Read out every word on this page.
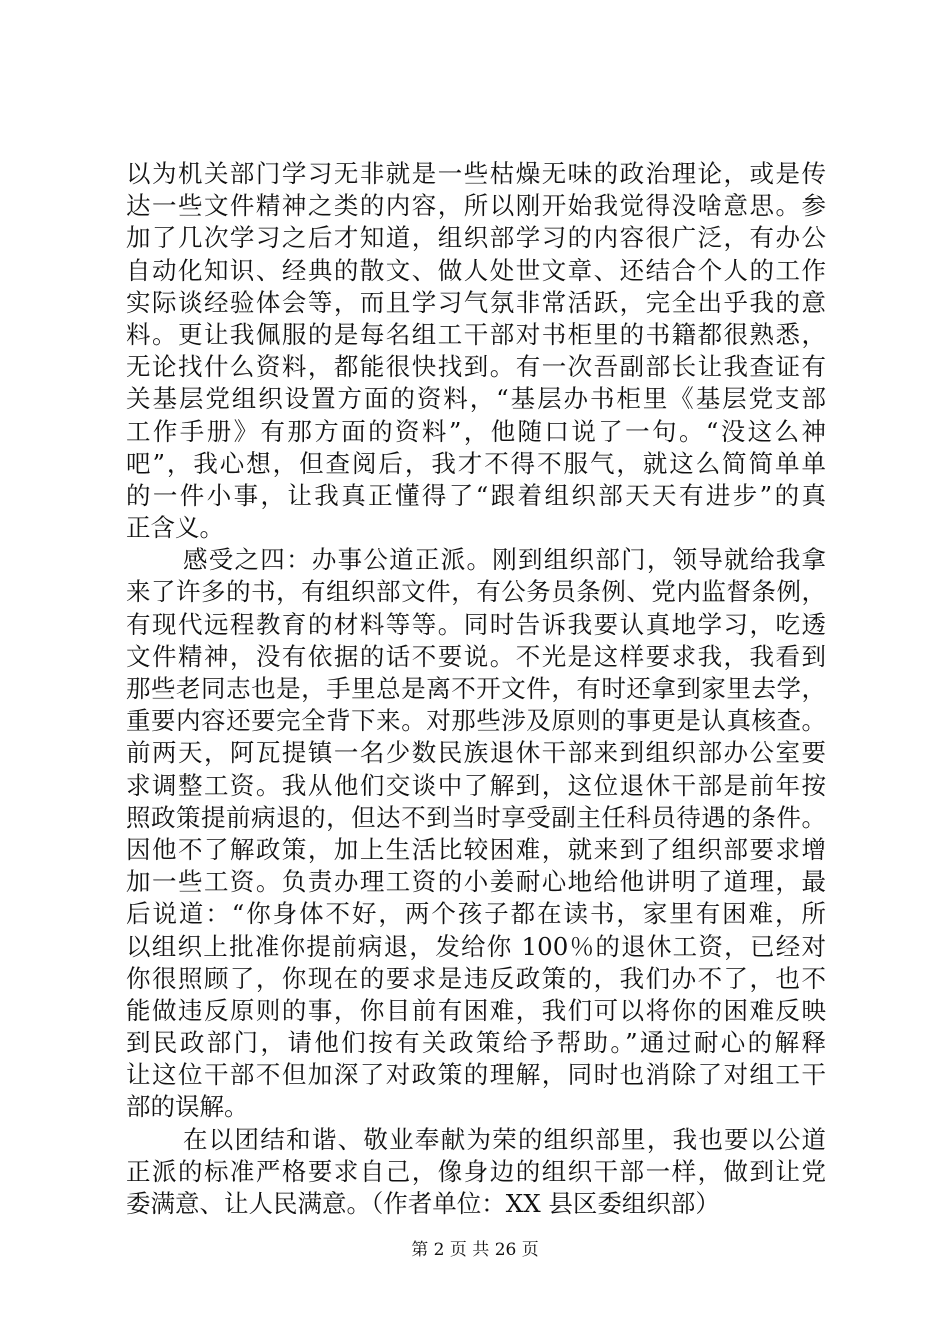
以为机关部门学习无非就是一些枯燥无味的政治理论，或是传
达一些文件精神之类的内容，所以刚开始我觉得没啥意思。参
加了几次学习之后才知道，组织部学习的内容很广泛，有办公
自动化知识、经典的散文、做人处世文章、还结合个人的工作
实际谈经验体会等，而且学习气氛非常活跃，完全出乎我的意
料。更让我佩服的是每名组工干部对书柜里的书籍都很熟悉，
无论找什么资料，都能很快找到。有一次吾副部长让我查证有
关基层党组织设置方面的资料，“基层办书柜里《基层党支部
工作手册》有那方面的资料”，他随口说了一句。“没这么神
吧”，我心想，但查阅后，我才不得不服气，就这么简简单单
的一件小事，让我真正懂得了“跟着组织部天天有进步”的真
正含义。
感受之四：办事公道正派。刚到组织部门，领导就给我拿
来了许多的书，有组织部文件，有公务员条例、党内监督条例，
有现代远程教育的材料等等。同时告诉我要认真地学习，吃透
文件精神，没有依据的话不要说。不光是这样要求我，我看到
那些老同志也是，手里总是离不开文件，有时还拿到家里去学，
重要内容还要完全背下来。对那些涉及原则的事更是认真核查。
前两天，阿瓦提镇一名少数民族退休干部来到组织部办公室要
求调整工资。我从他们交谈中了解到，这位退休干部是前年按
照政策提前病退的，但达不到当时享受副主任科员待遇的条件。
因他不了解政策，加上生活比较困难，就来到了组织部要求增
加一些工资。负责办理工资的小姜耐心地给他讲明了道理，最
后说道：“你身体不好，两个孩子都在读书，家里有困难，所
以组织上批准你提前病退，发给你 100％的退休工资，已经对
你很照顾了，你现在的要求是违反政策的，我们办不了，也不
能做违反原则的事，你目前有困难，我们可以将你的困难反映
到民政部门，请他们按有关政策给予帮助。”通过耐心的解释
让这位干部不但加深了对政策的理解，同时也消除了对组工干
部的误解。
在以团结和谐、敬业奉献为荣的组织部里，我也要以公道
正派的标准严格要求自己，像身边的组织干部一样，做到让党
委满意、让人民满意。（作者单位：XX 县区委组织部）
第 2 页 共 26 页
